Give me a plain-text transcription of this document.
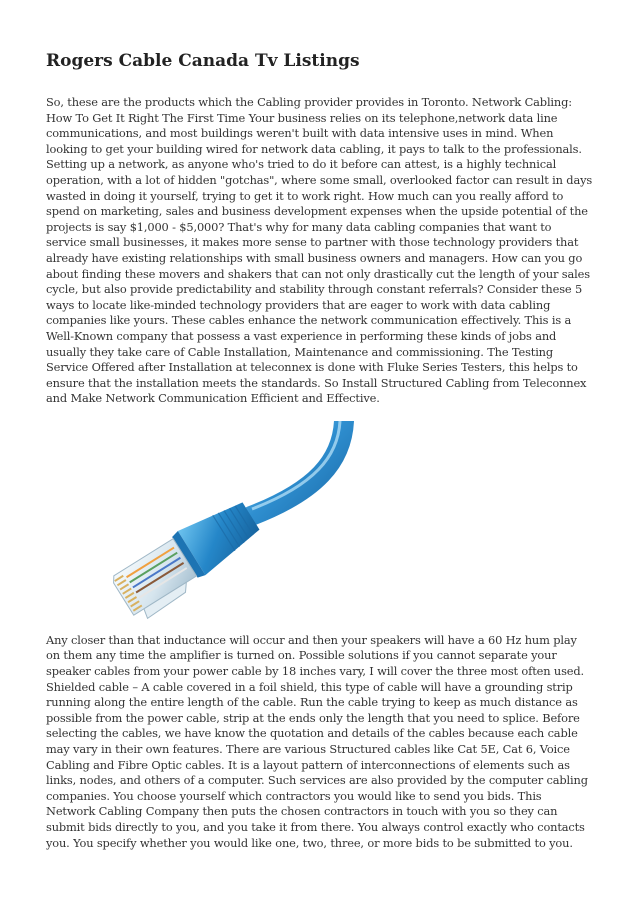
Rogers Cable Canada Tv Listings

So, these are the products which the Cabling provider provides in Toronto. Network Cabling: How To Get It Right The First Time Your business relies on its telephone,network data line communications, and most buildings weren't built with data intensive uses in mind. When looking to get your building wired for network data cabling, it pays to talk to the professionals. Setting up a network, as anyone who's tried to do it before can attest, is a highly technical operation, with a lot of hidden "gotchas", where some small, overlooked factor can result in days wasted in doing it yourself, trying to get it to work right. How much can you really afford to spend on marketing, sales and business development expenses when the upside potential of the projects is say $1,000 - $5,000? That's why for many data cabling companies that want to service small businesses, it makes more sense to partner with those technology providers that already have existing relationships with small business owners and managers. How can you go about finding these movers and shakers that can not only drastically cut the length of your sales cycle, but also provide predictability and stability through constant referrals? Consider these 5 ways to locate like-minded technology providers that are eager to work with data cabling companies like yours. These cables enhance the network communication effectively. This is a Well-Known company that possess a vast experience in performing these kinds of jobs and usually they take care of Cable Installation, Maintenance and commissioning. The Testing Service Offered after Installation at teleconnex is done with Fluke Series Testers, this helps to ensure that the installation meets the standards. So Install Structured Cabling from Teleconnex and Make Network Communication Efficient and Effective.

Any closer than that inductance will occur and then your speakers will have a 60 Hz hum play on them any time the amplifier is turned on. Possible solutions if you cannot separate your speaker cables from your power cable by 18 inches vary, I will cover the three most often used. Shielded cable – A cable covered in a foil shield, this type of cable will have a grounding strip running along the entire length of the cable. Run the cable trying to keep as much distance as possible from the power cable, strip at the ends only the length that you need to splice. Before selecting the cables, we have know the quotation and details of the cables because each cable may vary in their own features. There are various Structured cables like Cat 5E, Cat 6, Voice Cabling and Fibre Optic cables. It is a layout pattern of interconnections of elements such as links, nodes, and others of a computer. Such services are also provided by the computer cabling companies. You choose yourself which contractors you would like to send you bids. This Network Cabling Company then puts the chosen contractors in touch with you so they can submit bids directly to you, and you take it from there. You always control exactly who contacts you. You specify whether you would like one, two, three, or more bids to be submitted to you.
